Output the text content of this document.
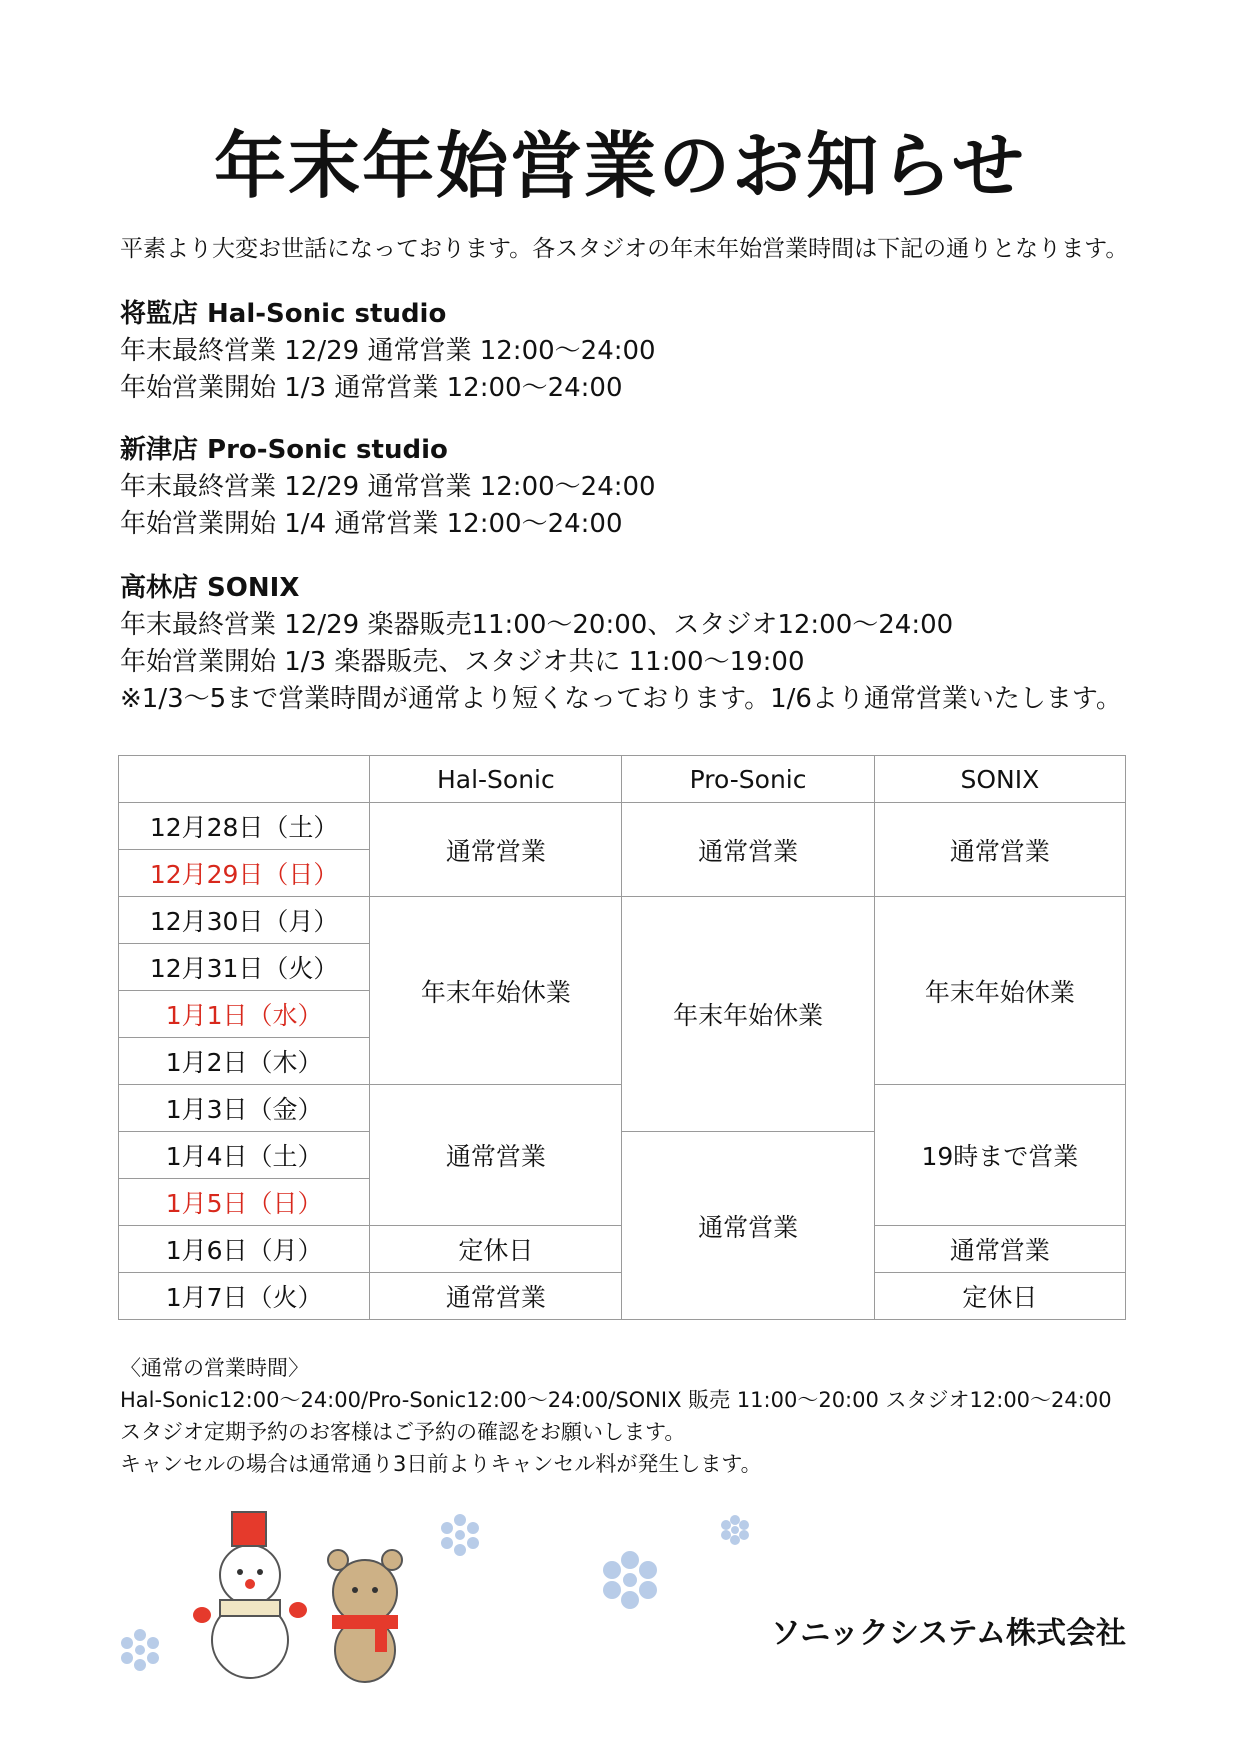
年末年始営業のお知らせ

平素より大変お世話になっております。各スタジオの年末年始営業時間は下記の通りとなります。

将監店 Hal-Sonic studio
年末最終営業 12/29 通常営業 12:00〜24:00
年始営業開始 1/3 通常営業 12:00〜24:00
新津店 Pro-Sonic studio
年末最終営業 12/29 通常営業 12:00〜24:00
年始営業開始 1/4 通常営業 12:00〜24:00
高林店 SONIX
年末最終営業 12/29 楽器販売11:00〜20:00、スタジオ12:00〜24:00
年始営業開始 1/3 楽器販売、スタジオ共に 11:00〜19:00
※1/3〜5まで営業時間が通常より短くなっております。1/6より通常営業いたします。
	Hal-Sonic	Pro-Sonic	SONIX
12月28日（土）	通常営業	通常営業	通常営業
12月29日（日）			
12月30日（月）	年末年始休業	年末年始休業	年末年始休業
12月31日（火）			
1月1日（水）			
1月2日（木）			
1月3日（金）	通常営業		19時まで営業
1月4日（土）		通常営業	
1月5日（日）			
1月6日（月）	定休日		通常営業
1月7日（火）	通常営業		定休日
〈通常の営業時間〉
Hal-Sonic12:00〜24:00/Pro-Sonic12:00〜24:00/SONIX 販売 11:00〜20:00 スタジオ12:00〜24:00
スタジオ定期予約のお客様はご予約の確認をお願いします。
キャンセルの場合は通常通り3日前よりキャンセル料が発生します。
ソニックシステム株式会社
